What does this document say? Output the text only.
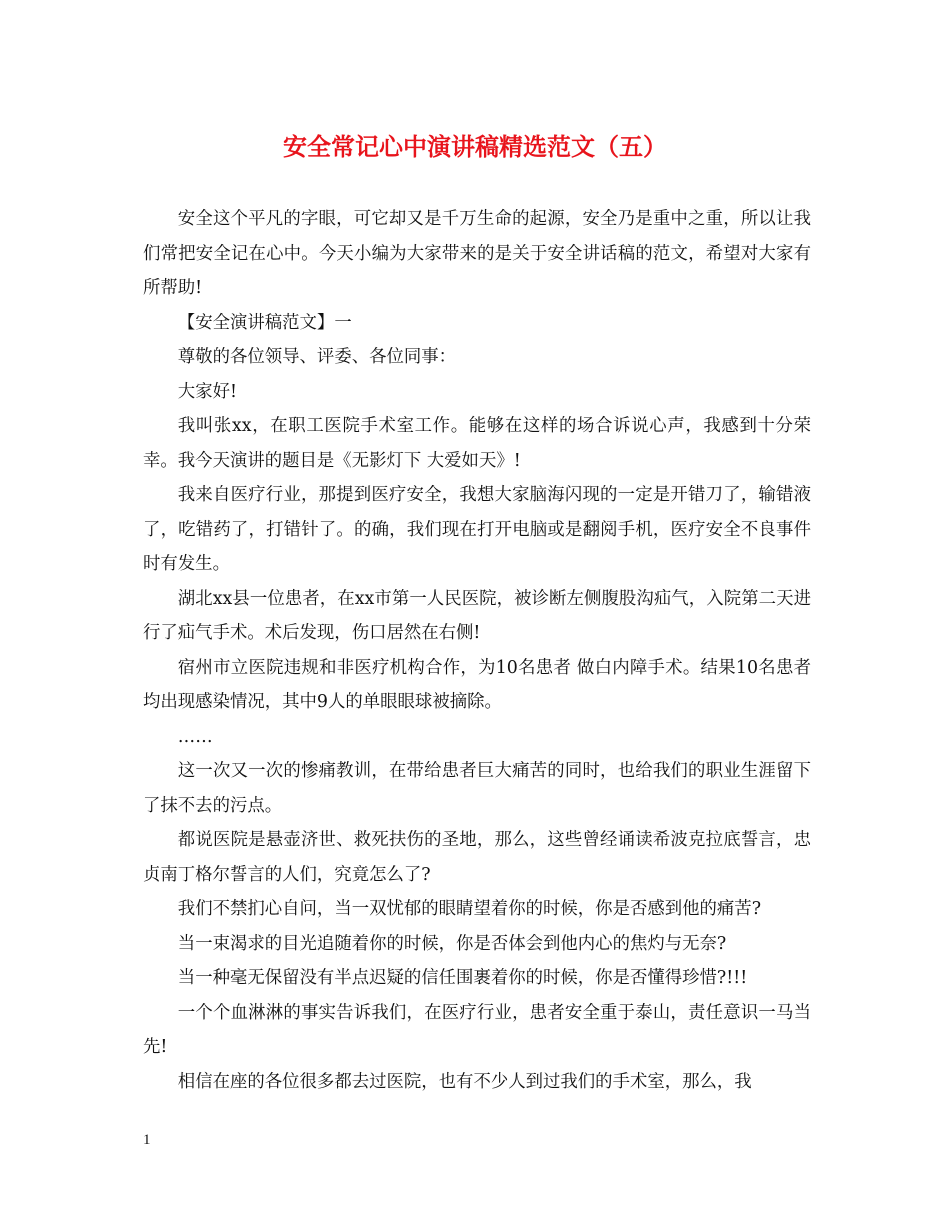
安全常记心中演讲稿精选范文（五）

安全这个平凡的字眼，可它却又是千万生命的起源，安全乃是重中之重，所以让我们常把安全记在心中。今天小编为大家带来的是关于安全讲话稿的范文，希望对大家有所帮助!

【安全演讲稿范文】一

尊敬的各位领导、评委、各位同事：

大家好!

我叫张xx，在职工医院手术室工作。能够在这样的场合诉说心声，我感到十分荣幸。我今天演讲的题目是《无影灯下 大爱如天》!

我来自医疗行业，那提到医疗安全，我想大家脑海闪现的一定是开错刀了，输错液了，吃错药了，打错针了。的确，我们现在打开电脑或是翻阅手机，医疗安全不良事件时有发生。

湖北xx县一位患者，在xx市第一人民医院，被诊断左侧腹股沟疝气，入院第二天进行了疝气手术。术后发现，伤口居然在右侧!

宿州市立医院违规和非医疗机构合作，为10名患者 做白内障手术。结果10名患者均出现感染情况，其中9人的单眼眼球被摘除。

……

这一次又一次的惨痛教训，在带给患者巨大痛苦的同时，也给我们的职业生涯留下了抹不去的污点。

都说医院是悬壶济世、救死扶伤的圣地，那么，这些曾经诵读希波克拉底誓言，忠贞南丁格尔誓言的人们，究竟怎么了?

我们不禁扪心自问，当一双忧郁的眼睛望着你的时候，你是否感到他的痛苦?

当一束渴求的目光追随着你的时候，你是否体会到他内心的焦灼与无奈?

当一种毫无保留没有半点迟疑的信任围裹着你的时候，你是否懂得珍惜?!!!

一个个血淋淋的事实告诉我们，在医疗行业，患者安全重于泰山，责任意识一马当先!

相信在座的各位很多都去过医院，也有不少人到过我们的手术室，那么，我

1
